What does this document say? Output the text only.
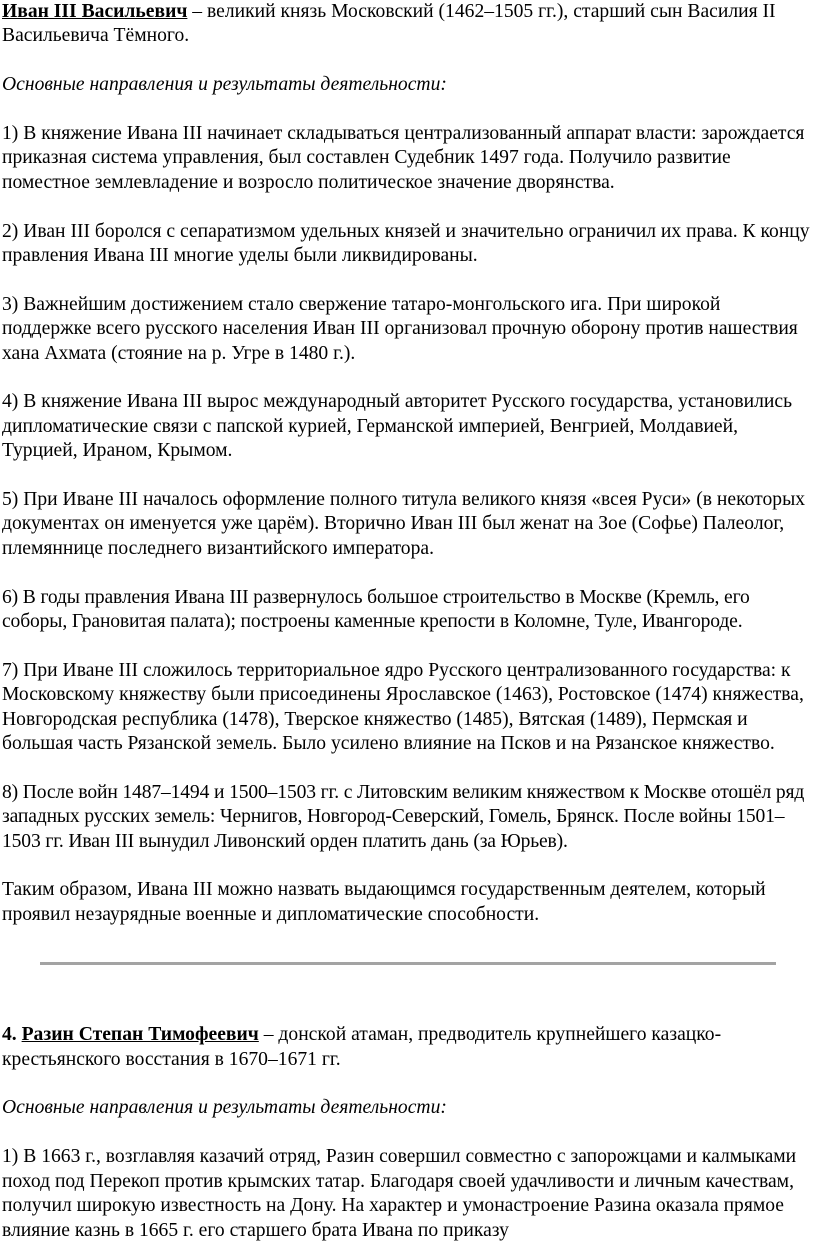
Иван III Васильевич – великий князь Московский (1462–1505 гг.), старший сын Василия II Васильевича Тёмного.

Основные направления и результаты деятельности:

1) В княжение Ивана III начинает складываться централизованный аппарат власти: зарождается приказная система управления, был составлен Судебник 1497 года. Получило развитие поместное землевладение и возросло политическое значение дворянства.

2) Иван III боролся с сепаратизмом удельных князей и значительно ограничил их права. К концу правления Ивана III многие уделы были ликвидированы.

3) Важнейшим достижением стало свержение татаро-монгольского ига. При широкой поддержке всего русского населения Иван III организовал прочную оборону против нашествия хана Ахмата (стояние на р. Угре в 1480 г.).

4) В княжение Ивана III вырос международный авторитет Русского государства, установились дипломатические связи с папской курией, Германской империей, Венгрией, Молдавией, Турцией, Ираном, Крымом.

5) При Иване III началось оформление полного титула великого князя «всея Руси» (в некоторых документах он именуется уже царём). Вторично Иван III был женат на Зое (Софье) Палеолог, племяннице последнего византийского императора.

6) В годы правления Ивана III развернулось большое строительство в Москве (Кремль, его соборы, Грановитая палата); построены каменные крепости в Коломне, Туле, Ивангороде.

7) При Иване III сложилось территориальное ядро Русского централизованного государства: к Московскому княжеству были присоединены Ярославское (1463), Ростовское (1474) княжества, Новгородская республика (1478), Тверское княжество (1485), Вятская (1489), Пермская и большая часть Рязанской земель. Было усилено влияние на Псков и на Рязанское княжество.

8) После войн 1487–1494 и 1500–1503 гг. с Литовским великим княжеством к Москве отошёл ряд западных русских земель: Чернигов, Новгород-Северский, Гомель, Брянск. После войны 1501–1503 гг. Иван III вынудил Ливонский орден платить дань (за Юрьев).

Таким образом, Ивана III можно назвать выдающимся государственным деятелем, который проявил незаурядные военные и дипломатические способности.

4. Разин Степан Тимофеевич – донской атаман, предводитель крупнейшего казацко-крестьянского восстания в 1670–1671 гг.

Основные направления и результаты деятельности:

1) В 1663 г., возглавляя казачий отряд, Разин совершил совместно с запорожцами и калмыками поход под Перекоп против крымских татар. Благодаря своей удачливости и личным качествам, получил широкую известность на Дону. На характер и умонастроение Разина оказала прямое влияние казнь в 1665 г. его старшего брата Ивана по приказу
